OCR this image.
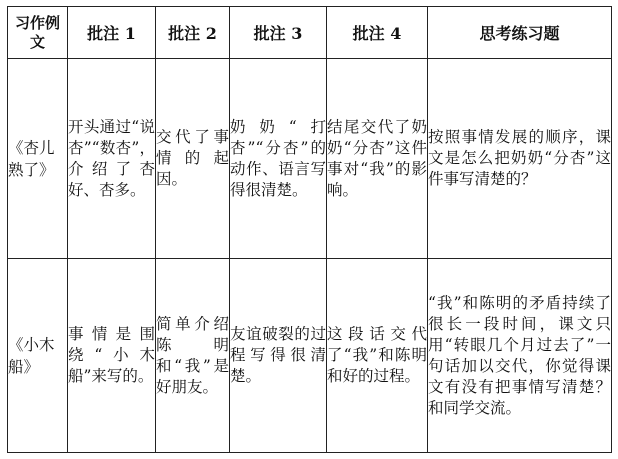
习作例文	批注 1	批注 2	批注 3	批注 4	思考练习题
《杏儿熟了》	开头通过“说杏”“数杏”，介绍了杏好、杏多。	交代了事情的起因。	奶奶“打杏”“分杏”的动作、语言写得很清楚。	结尾交代了奶奶“分杏”这件事对“我”的影响。	按照事情发展的顺序，课文是怎么把奶奶“分杏”这件事写清楚的？
《小木船》	事情是围绕“小木船”来写的。	简单介绍陈明和“我”是好朋友。	友谊破裂的过程写得很清楚。	这段话交代了“我”和陈明和好的过程。	“我”和陈明的矛盾持续了很长一段时间，课文只用“转眼几个月过去了”一句话加以交代，你觉得课文有没有把事情写清楚？和同学交流。
